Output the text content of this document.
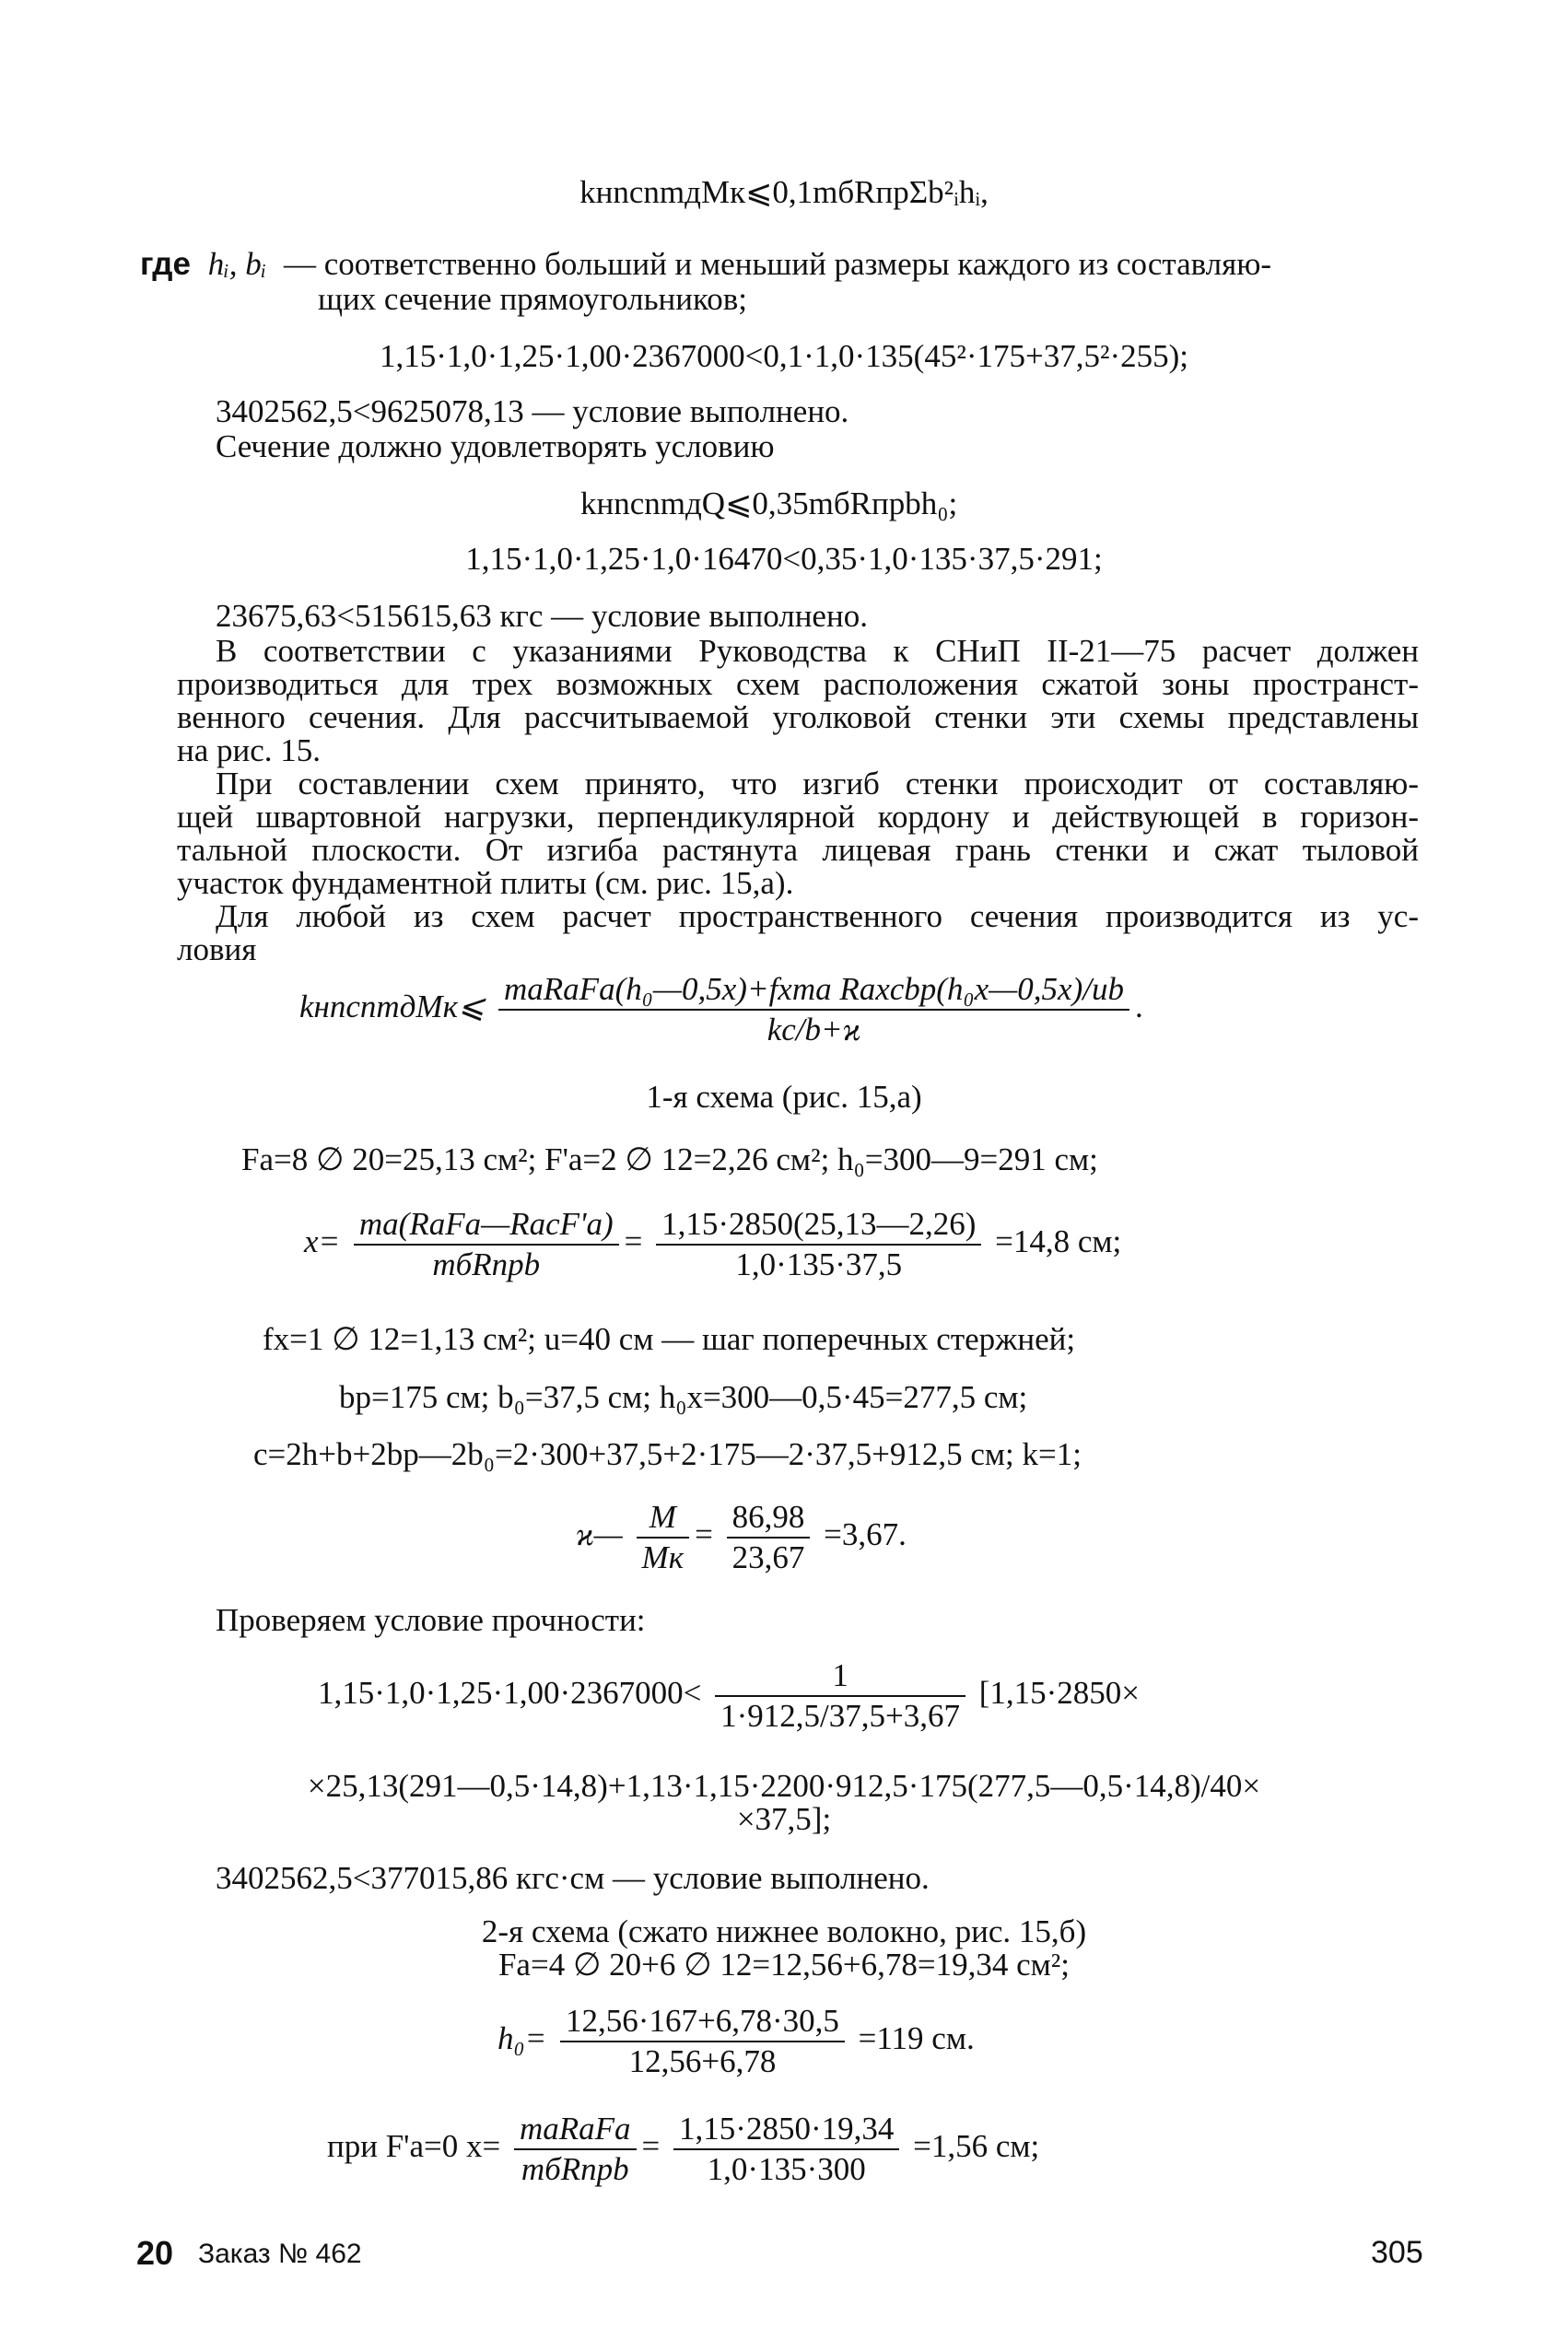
kнnсnmдMк⩽0,1mбRпрΣb²ᵢhᵢ,
где hᵢ, bᵢ — соответственно больший и меньший размеры каждого из составляю-
щих сечение прямоугольников;
1,15·1,0·1,25·1,00·2367000<0,1·1,0·135(45²·175+37,5²·255);
3402562,5<9625078,13 — условие выполнено.
Сечение должно удовлетворять условию
kнnсnmдQ⩽0,35mбRпрbh₀;
1,15·1,0·1,25·1,0·16470<0,35·1,0·135·37,5·291;
23675,63<515615,63 кгс — условие выполнено.
В соответствии с указаниями Руководства к СНиП II-21—75 расчет должен
производиться для трех возможных схем расположения сжатой зоны пространст-
венного сечения. Для рассчитываемой уголковой стенки эти схемы представлены
на рис. 15.
При составлении схем принято, что изгиб стенки происходит от составляю-
щей швартовной нагрузки, перпендикулярной кордону и действующей в горизон-
тальной плоскости. От изгиба растянута лицевая грань стенки и сжат тыловой
участок фундаментной плиты (см. рис. 15,а).
Для любой из схем расчет пространственного сечения производится из ус-
ловия
kнnсnmдMк⩽ maRaFa(h₀—0,5x)+fxma Raxcbp(h₀x—0,5x)/ub
kc/b+ϰ
.
1-я схема (рис. 15,а)
Fa=8 ∅ 20=25,13 см²; F'a=2 ∅ 12=2,26 см²; h₀=300—9=291 см;
x= ma(RaFa—RacF'a)
mбRпрb
= $\frac{1,15\cdot 2850(25,13—2,26)}{1,0\cdot 135\cdot 37,5} =14,8$ см;
fx=1 ∅ 12=1,13 см²; u=40 см — шаг поперечных стержней;
bp=175 см; b₀=37,5 см; h₀x=300—0,5·45=277,5 см;
c=2h+b+2bp—2b₀=2·300+37,5+2·175—2·37,5+912,5 см; k=1;
ϰ— M
Mк
= $\frac{86,98}{23,67} =3,67$.
Проверяем условие прочности:
$1,15\cdot 1,0\cdot 1,25\cdot 1,00\cdot 2367000< \frac{1}{1\cdot 912,5/37,5+3,67} [1,15\cdot 2850\times$
×25,13(291—0,5·14,8)+1,13·1,15·2200·912,5·175(277,5—0,5·14,8)/40×
×37,5];
3402562,5<377015,86 кгс·см — условие выполнено.
2-я схема (сжато нижнее волокно, рис. 15,б)
Fa=4 ∅ 20+6 ∅ 12=12,56+6,78=19,34 см²;
$h_0= \frac{12,56\cdot 167+6,78\cdot 30,5}{12,56+6,78} =119$ см.
при F'a=0 x= maRaFa
mбRпрb
= $\frac{1,15\cdot 2850\cdot 19,34}{1,0\cdot 135\cdot 300} =1,56$ см;
20 Заказ № 462	305
